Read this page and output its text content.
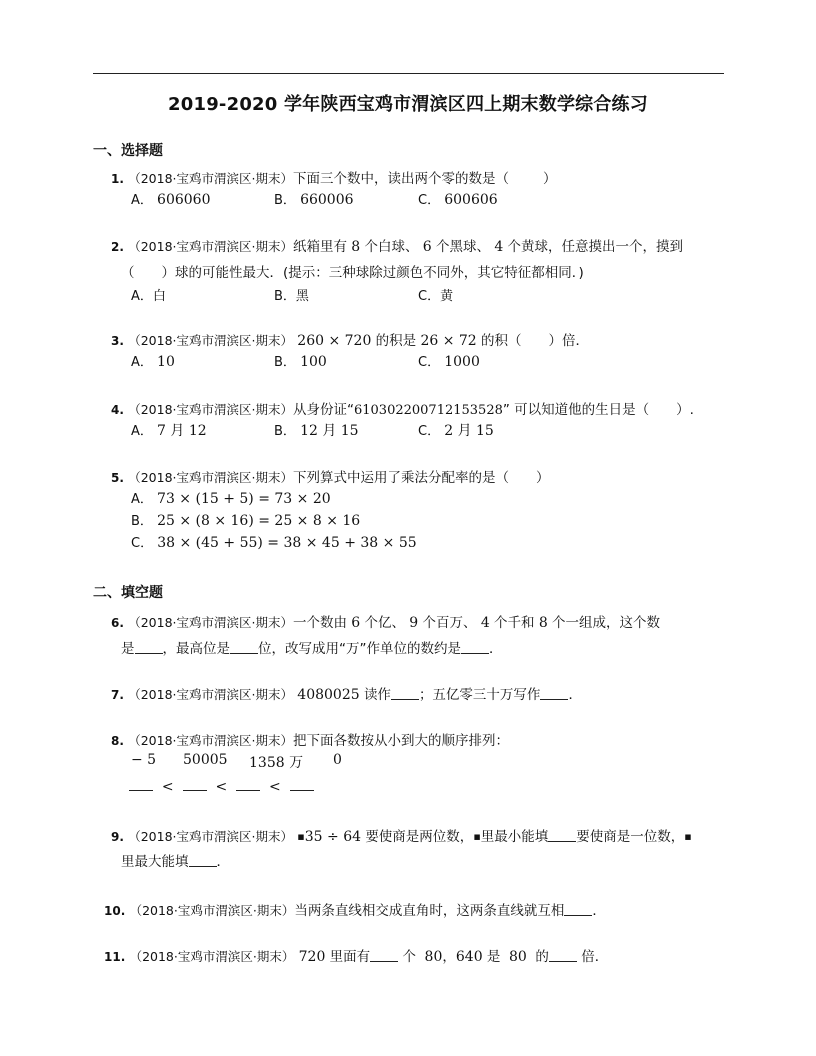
2019-2020 学年陕西宝鸡市渭滨区四上期末数学综合练习
一、选择题
1. （2018·宝鸡市渭滨区·期末）下面三个数中，读出两个零的数是（	）
A． 606060	B． 660006	C． 600606
2. （2018·宝鸡市渭滨区·期末）纸箱里有 8 个白球、 6 个黑球、 4 个黄球，任意摸出一个，摸到
（　　）球的可能性最大．(提示：三种球除过颜色不同外，其它特征都相同．)
A．白	B．黑	C．黄
3. （2018·宝鸡市渭滨区·期末） 260 × 720 的积是 26 × 72 的积（　　）倍．
A． 10	B． 100	C． 1000
4. （2018·宝鸡市渭滨区·期末）从身份证“610302200712153528” 可以知道他的生日是（　　）.
A． 7 月 12	B． 12 月 15	C． 2 月 15
5. （2018·宝鸡市渭滨区·期末）下列算式中运用了乘法分配率的是（　　）
A． 73 × (15 + 5) = 73 × 20
B． 25 × (8 × 16) = 25 × 8 × 16
C． 38 × (45 + 55) = 38 × 45 + 38 × 55
二、填空题
6. （2018·宝鸡市渭滨区·期末）一个数由 6 个亿、 9 个百万、 4 个千和 8 个一组成，这个数
是 ，最高位是 位，改写成用“万”作单位的数约是 ．
7. （2018·宝鸡市渭滨区·期末） 4080025 读作 ；五亿零三十万写作 ．
8. （2018·宝鸡市渭滨区·期末）把下面各数按从小到大的顺序排列：
− 5 50005 1358 万 0
<	<	<
9. （2018·宝鸡市渭滨区·期末） ▪35 ÷ 64 要使商是两位数，▪里最小能填 要使商是一位数，▪
里最大能填 ．
10. （2018·宝鸡市渭滨区·期末）当两条直线相交成直角时，这两条直线就互相 ．
11. （2018·宝鸡市渭滨区·期末） 720 里面有 个 80，640 是 80 的 倍．
